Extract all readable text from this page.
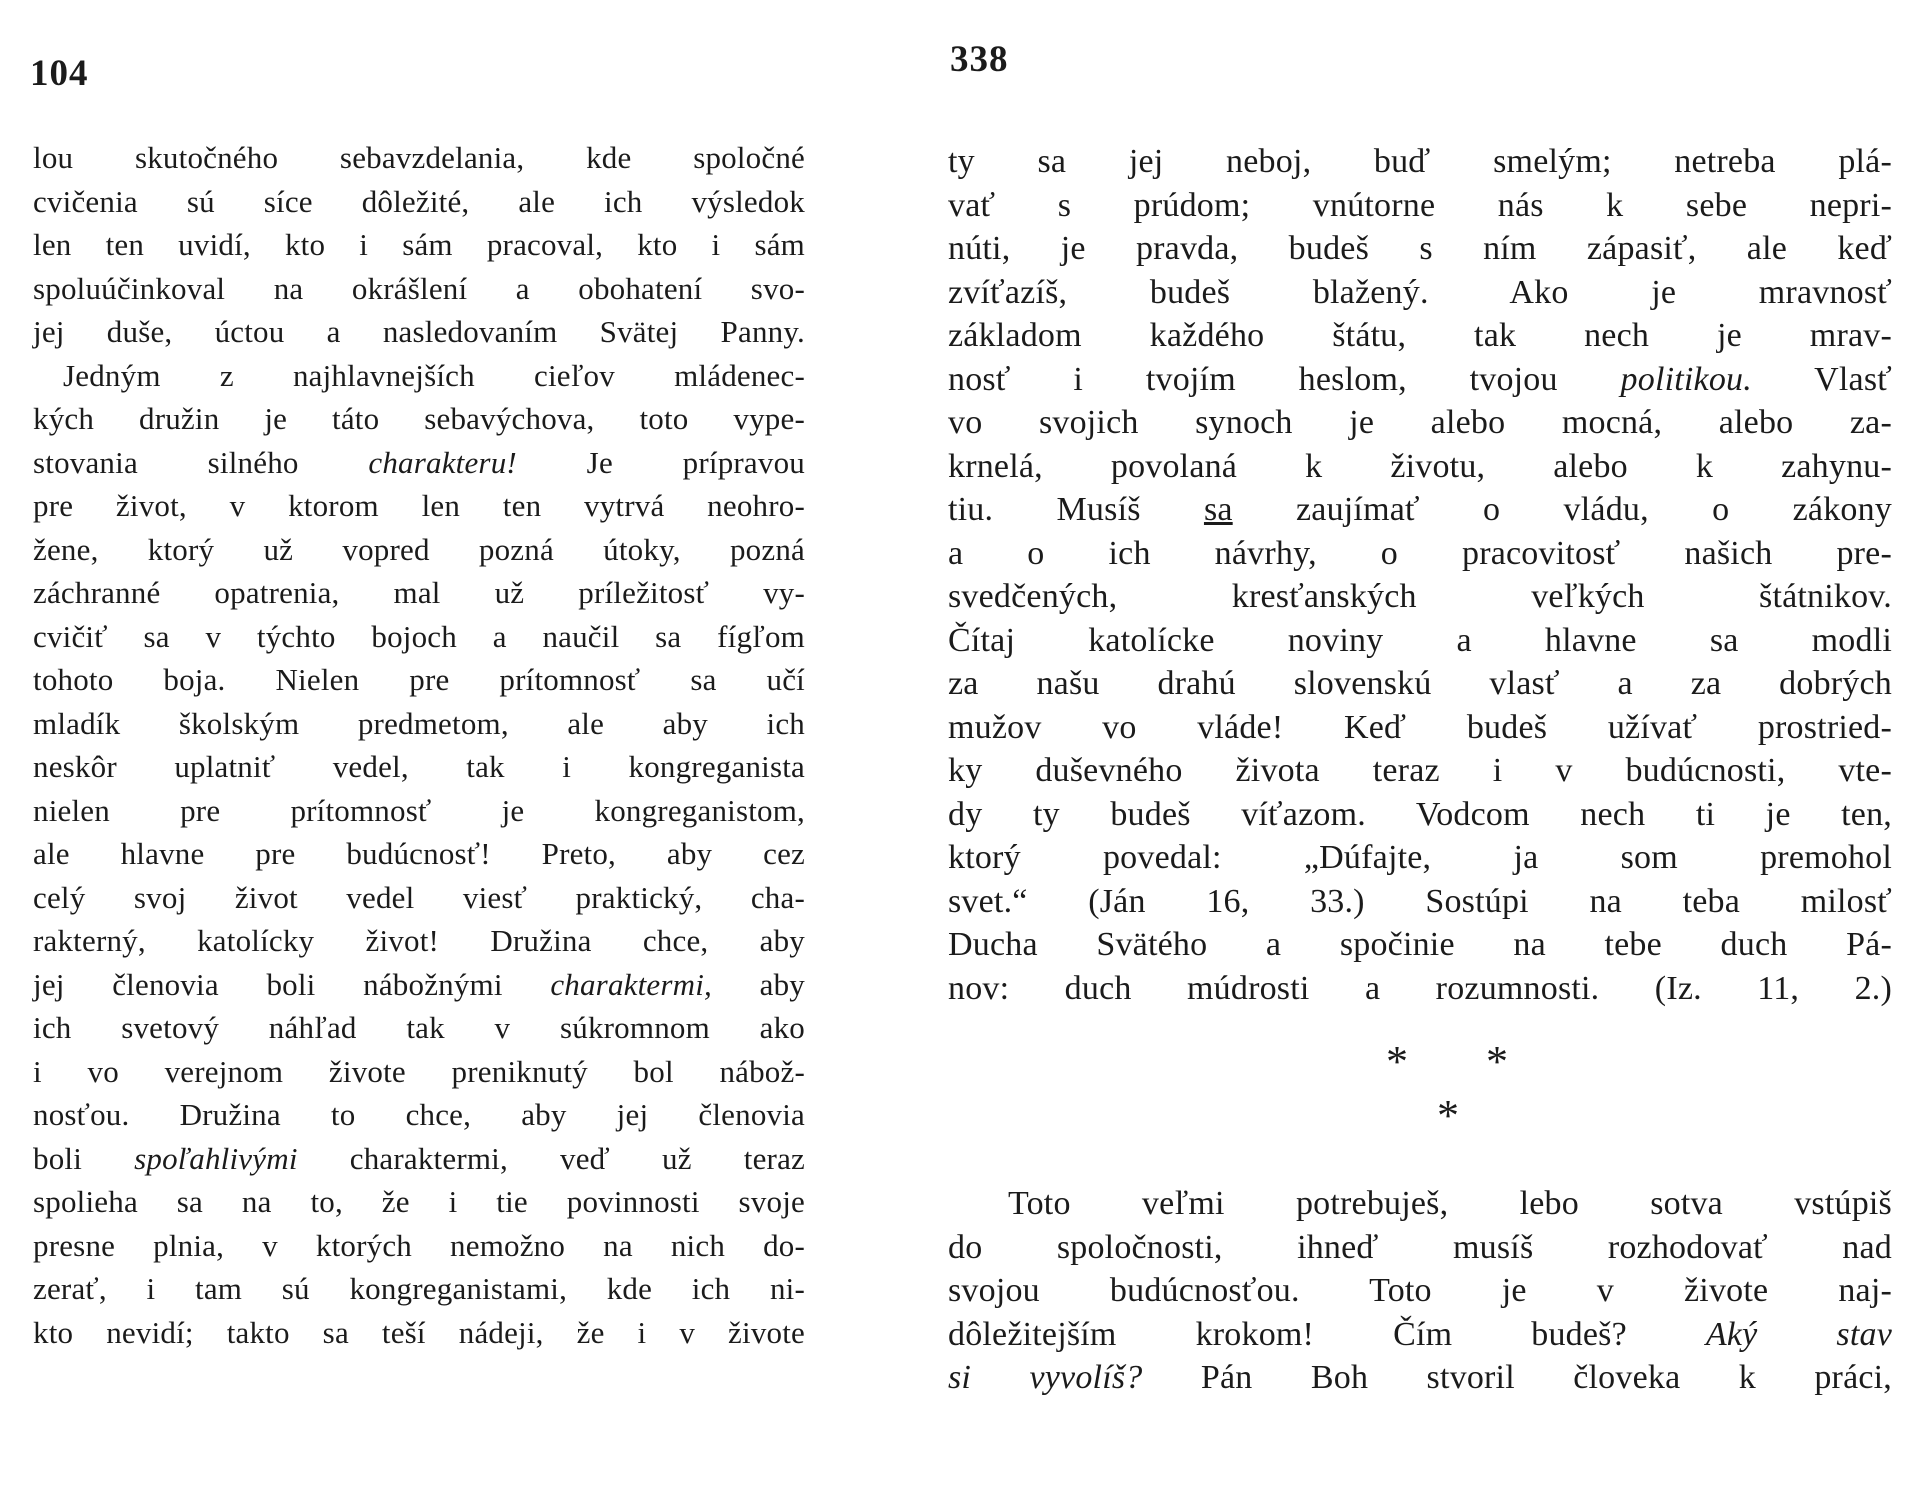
104
lou skutočného sebavzdelania, kde spoločné
cvičenia sú síce dôležité, ale ich výsledok
len ten uvidí, kto i sám pracoval, kto i sám
spoluúčinkoval na okrášlení a obohatení svo-
jej duše, úctou a nasledovaním Svätej Panny.
Jedným z najhlavnejších cieľov mládenec-
kých družin je táto sebavýchova, toto vype-
stovania silného charakteru! Je prípravou
pre život, v ktorom len ten vytrvá neohro-
žene, ktorý už vopred pozná útoky, pozná
záchranné opatrenia, mal už príležitosť vy-
cvičiť sa v týchto bojoch a naučil sa fígľom
tohoto boja. Nielen pre prítomnosť sa učí
mladík školským predmetom, ale aby ich
neskôr uplatniť vedel, tak i kongreganista
nielen pre prítomnosť je kongreganistom,
ale hlavne pre budúcnosť! Preto, aby cez
celý svoj život vedel viesť praktický, cha-
rakterný, katolícky život! Družina chce, aby
jej členovia boli nábožnými charaktermi, aby
ich svetový náhľad tak v súkromnom ako
i vo verejnom živote preniknutý bol nábož-
nosťou. Družina to chce, aby jej členovia
boli spoľahlivými charaktermi, veď už teraz
spolieha sa na to, že i tie povinnosti svoje
presne plnia, v ktorých nemožno na nich do-
zerať, i tam sú kongreganistami, kde ich ni-
kto nevidí; takto sa teší nádeji, že i v živote
338
ty sa jej neboj, buď smelým; netreba plá-
vať s prúdom; vnútorne nás k sebe nepri-
núti, je pravda, budeš s ním zápasiť, ale keď
zvíťazíš, budeš blažený. Ako je mravnosť
základom každého štátu, tak nech je mrav-
nosť i tvojím heslom, tvojou politikou. Vlasť
vo svojich synoch je alebo mocná, alebo za-
krnelá, povolaná k životu, alebo k zahynu-
tiu. Musíš sa zaujímať o vládu, o zákony
a o ich návrhy, o pracovitosť našich pre-
svedčených, kresťanských veľkých štátnikov.
Čítaj katolícke noviny a hlavne sa modli
za našu drahú slovenskú vlasť a za dobrých
mužov vo vláde! Keď budeš užívať prostried-
ky duševného života teraz i v budúcnosti, vte-
dy ty budeš víťazom. Vodcom nech ti je ten,
ktorý povedal: „Dúfajte, ja som premohol
svet.“ (Ján 16, 33.) Sostúpi na teba milosť
Ducha Svätého a spočinie na tebe duch Pá-
nov: duch múdrosti a rozumnosti. (Iz. 11, 2.)
* *
*
Toto veľmi potrebuješ, lebo sotva vstúpiš
do spoločnosti, ihneď musíš rozhodovať nad
svojou budúcnosťou. Toto je v živote naj-
dôležitejším krokom! Čím budeš? Aký stav
si vyvolíš? Pán Boh stvoril človeka k práci,
